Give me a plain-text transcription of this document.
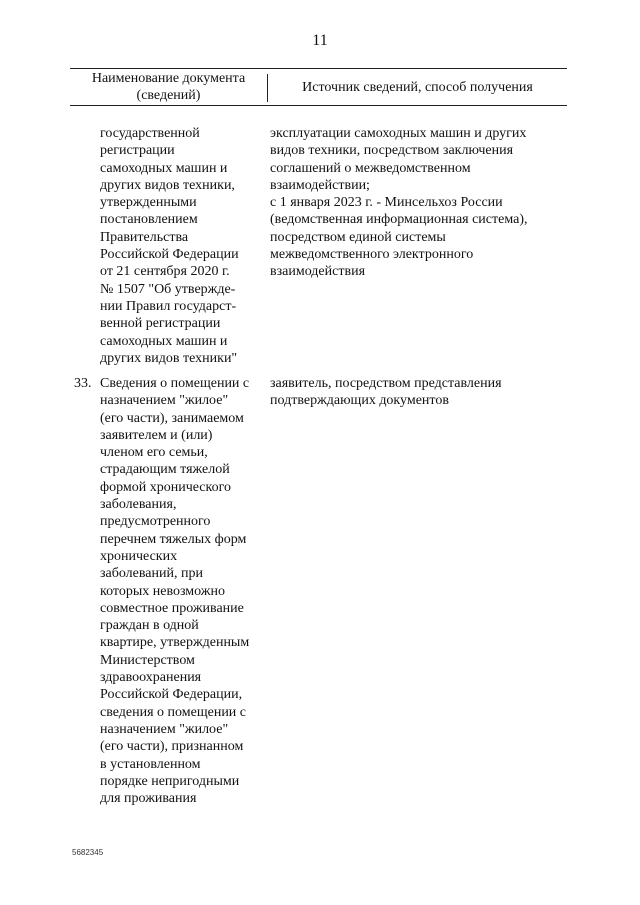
11
Наименование документа
(сведений)
Источник сведений, способ получения
государственной
регистрации
самоходных машин и
других видов техники,
утвержденными
постановлением
Правительства
Российской Федерации
от 21 сентября 2020 г.
№ 1507 "Об утвержде-
нии Правил государст-
венной регистрации
самоходных машин и
других видов техники"
эксплуатации самоходных машин и других
видов техники, посредством заключения
соглашений о межведомственном
взаимодействии;
с 1 января 2023 г. - Минсельхоз России
(ведомственная информационная система),
посредством единой системы
межведомственного электронного
взаимодействия
33. Сведения о помещении с
назначением "жилое"
(его части), занимаемом
заявителем и (или)
членом его семьи,
страдающим тяжелой
формой хронического
заболевания,
предусмотренного
перечнем тяжелых форм
хронических
заболеваний, при
которых невозможно
совместное проживание
граждан в одной
квартире, утвержденным
Министерством
здравоохранения
Российской Федерации,
сведения о помещении с
назначением "жилое"
(его части), признанном
в установленном
порядке непригодными
для проживания
заявитель, посредством представления
подтверждающих документов
5682345
